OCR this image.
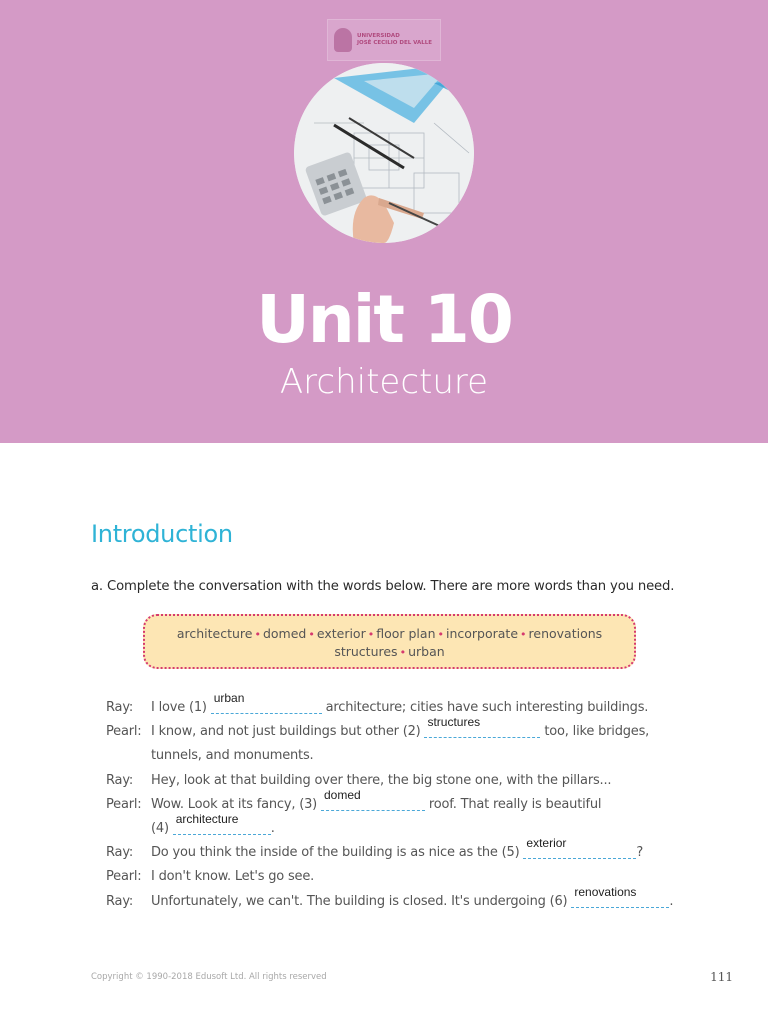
UNIVERSIDAD
JOSÉ CECILIO DEL VALLE
Unit 10
Architecture
Introduction
a. Complete the conversation with the words below. There are more words than you need.
architecture • domed • exterior • floor plan • incorporate • renovations
structures • urban
Ray: I love (1)
urban
architecture; cities have such interesting buildings.
Pearl: I know, and not just buildings but other (2)
structures
too, like bridges,
tunnels, and monuments.
Ray: Hey, look at that building over there, the big stone one, with the pillars...
Pearl: Wow. Look at its fancy, (3)
domed
roof. That really is beautiful
(4)
architecture
.
Ray: Do you think the inside of the building is as nice as the (5)
exterior
?
Pearl: I don't know. Let's go see.
Ray: Unfortunately, we can't. The building is closed. It's undergoing (6)
renovations
.
Copyright © 1990-2018 Edusoft Ltd. All rights reserved	111
